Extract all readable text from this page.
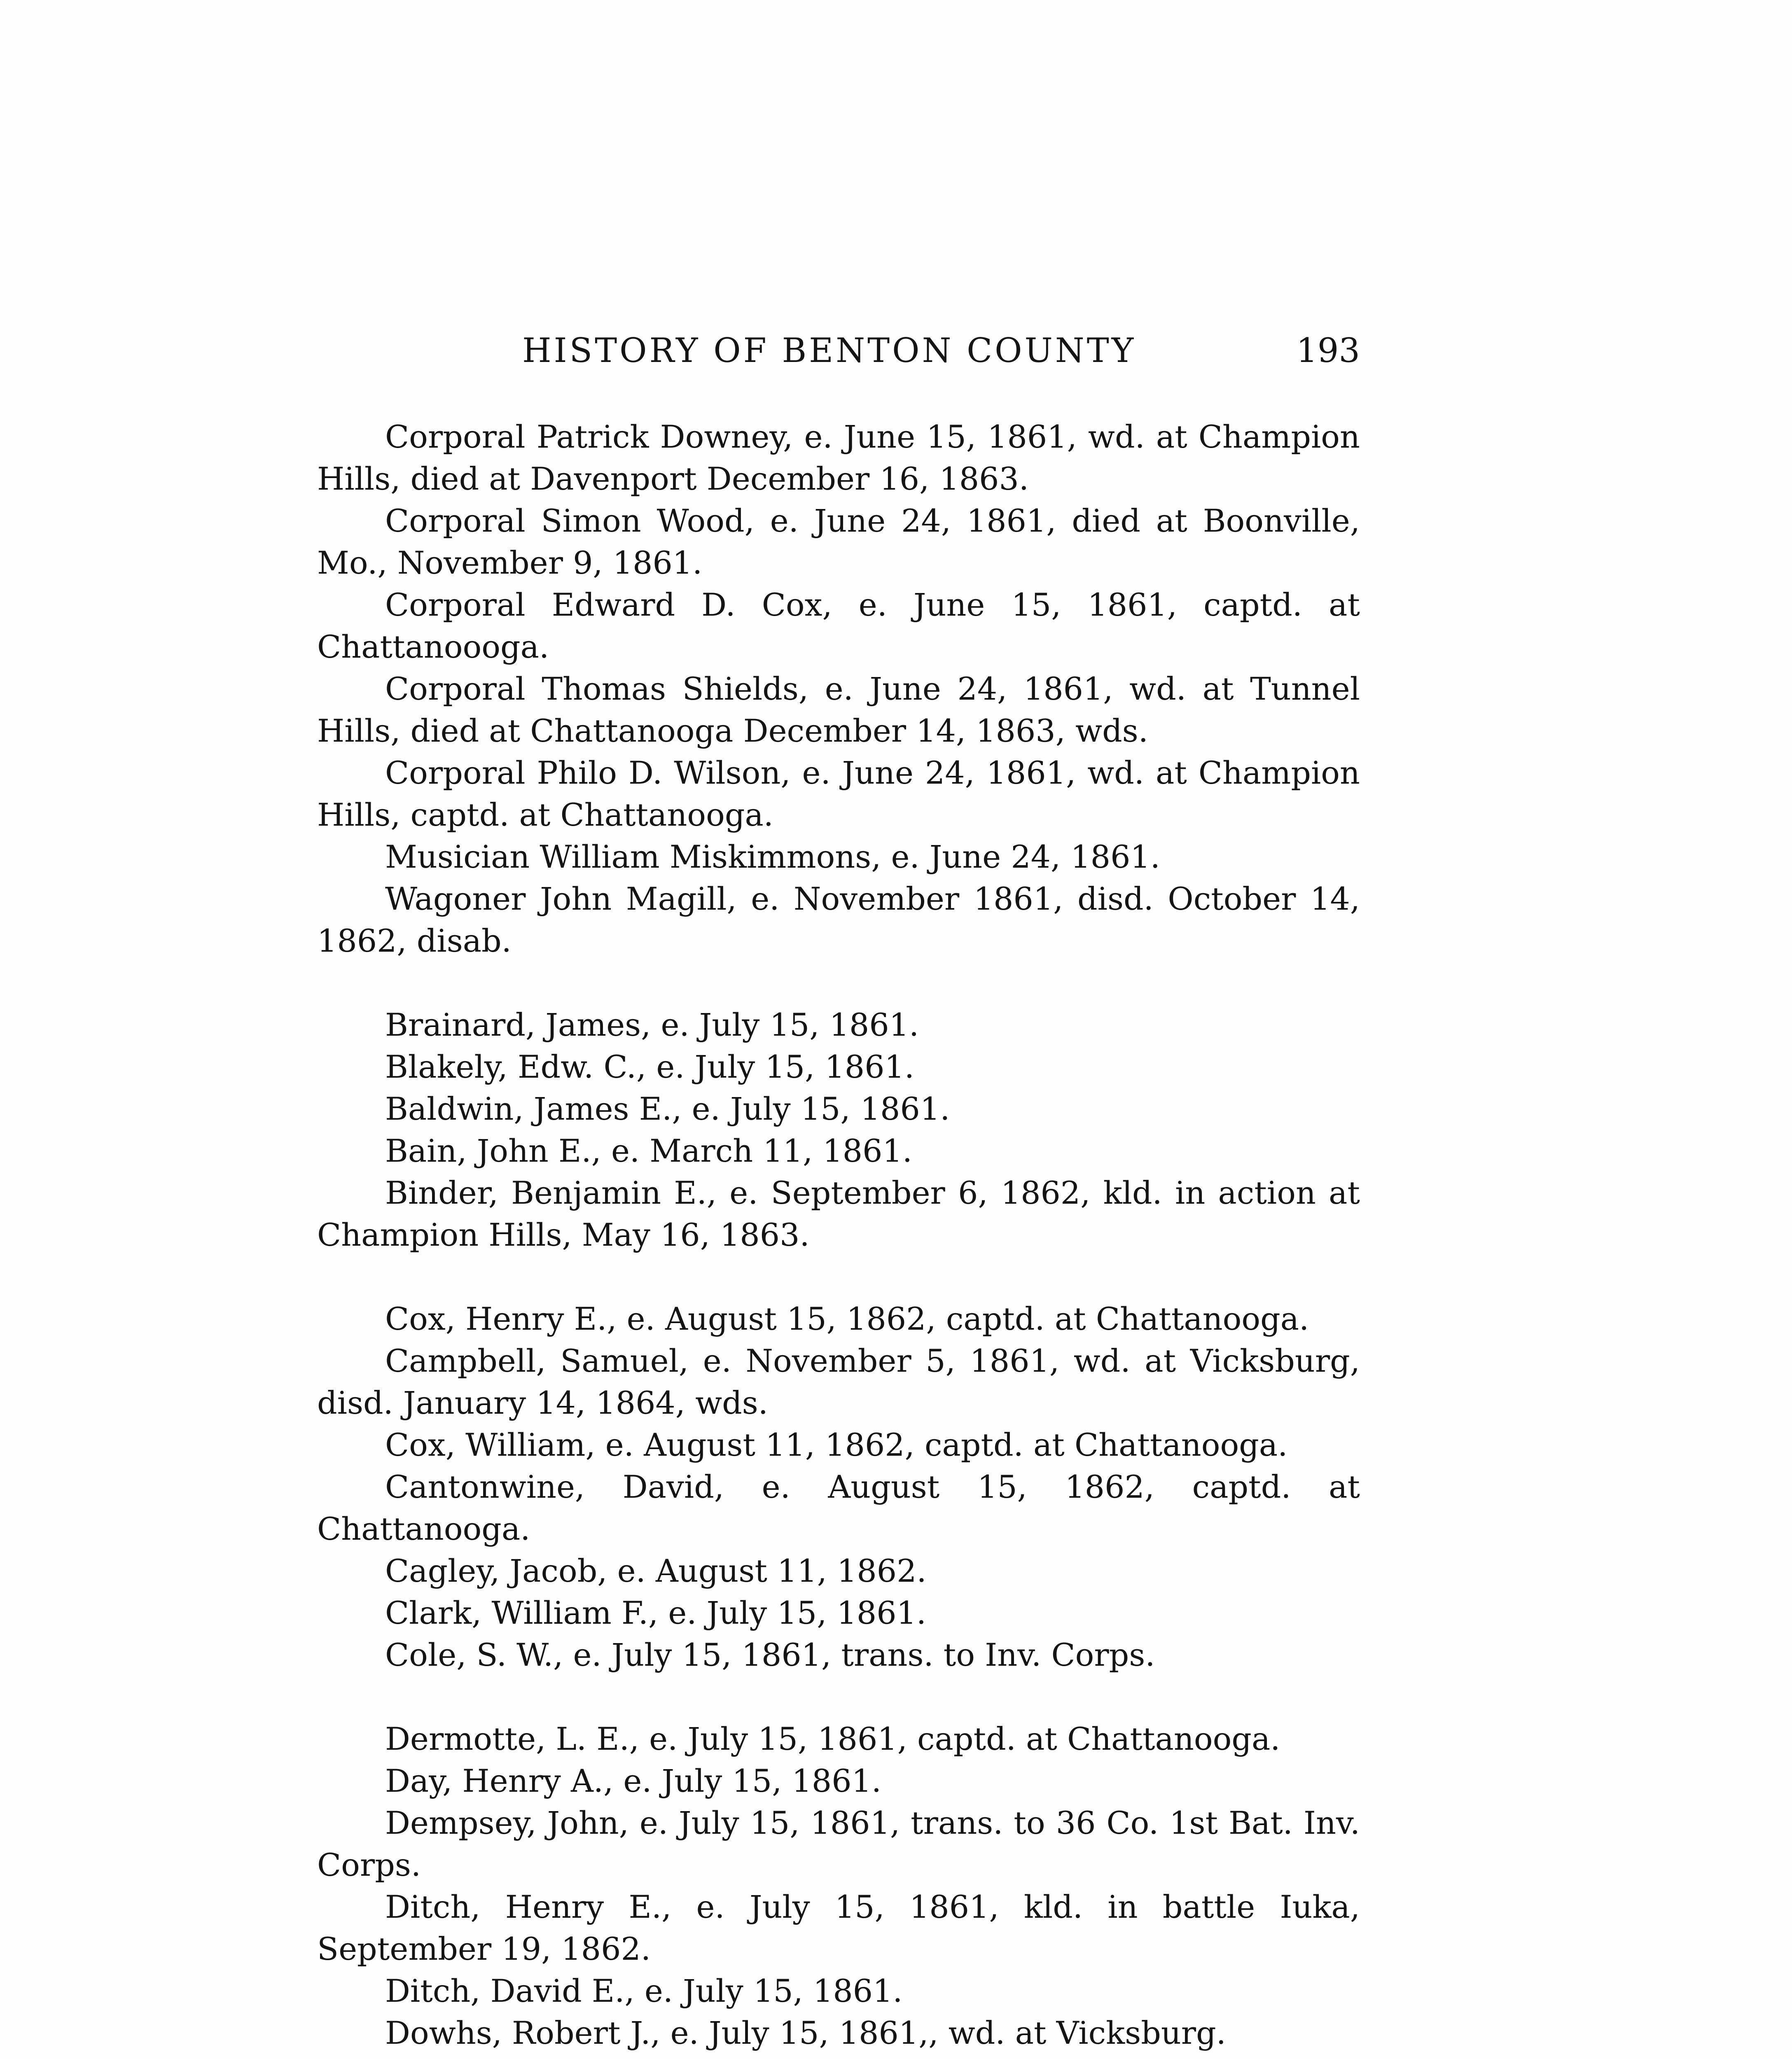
HISTORY OF BENTON COUNTY	193

Corporal Patrick Downey, e. June 15, 1861, wd. at Champion Hills, died at Davenport December 16, 1863.

Corporal Simon Wood, e. June 24, 1861, died at Boonville, Mo., November 9, 1861.

Corporal Edward D. Cox, e. June 15, 1861, captd. at Chattanoooga.

Corporal Thomas Shields, e. June 24, 1861, wd. at Tunnel Hills, died at Chattanooga December 14, 1863, wds.

Corporal Philo D. Wilson, e. June 24, 1861, wd. at Champion Hills, captd. at Chattanooga.

Musician William Miskimmons, e. June 24, 1861.

Wagoner John Magill, e. November 1861, disd. October 14, 1862, disab.

Brainard, James, e. July 15, 1861.

Blakely, Edw. C., e. July 15, 1861.

Baldwin, James E., e. July 15, 1861.

Bain, John E., e. March 11, 1861.

Binder, Benjamin E., e. September 6, 1862, kld. in action at Champion Hills, May 16, 1863.

Cox, Henry E., e. August 15, 1862, captd. at Chattanooga.

Campbell, Samuel, e. November 5, 1861, wd. at Vicksburg, disd. January 14, 1864, wds.

Cox, William, e. August 11, 1862, captd. at Chattanooga.

Cantonwine, David, e. August 15, 1862, captd. at Chattanooga.

Cagley, Jacob, e. August 11, 1862.

Clark, William F., e. July 15, 1861.

Cole, S. W., e. July 15, 1861, trans. to Inv. Corps.

Dermotte, L. E., e. July 15, 1861, captd. at Chattanooga.

Day, Henry A., e. July 15, 1861.

Dempsey, John, e. July 15, 1861, trans. to 36 Co. 1st Bat. Inv. Corps.

Ditch, Henry E., e. July 15, 1861, kld. in battle Iuka, September 19, 1862.

Ditch, David E., e. July 15, 1861.

Dowhs, Robert J., e. July 15, 1861,, wd. at Vicksburg.
